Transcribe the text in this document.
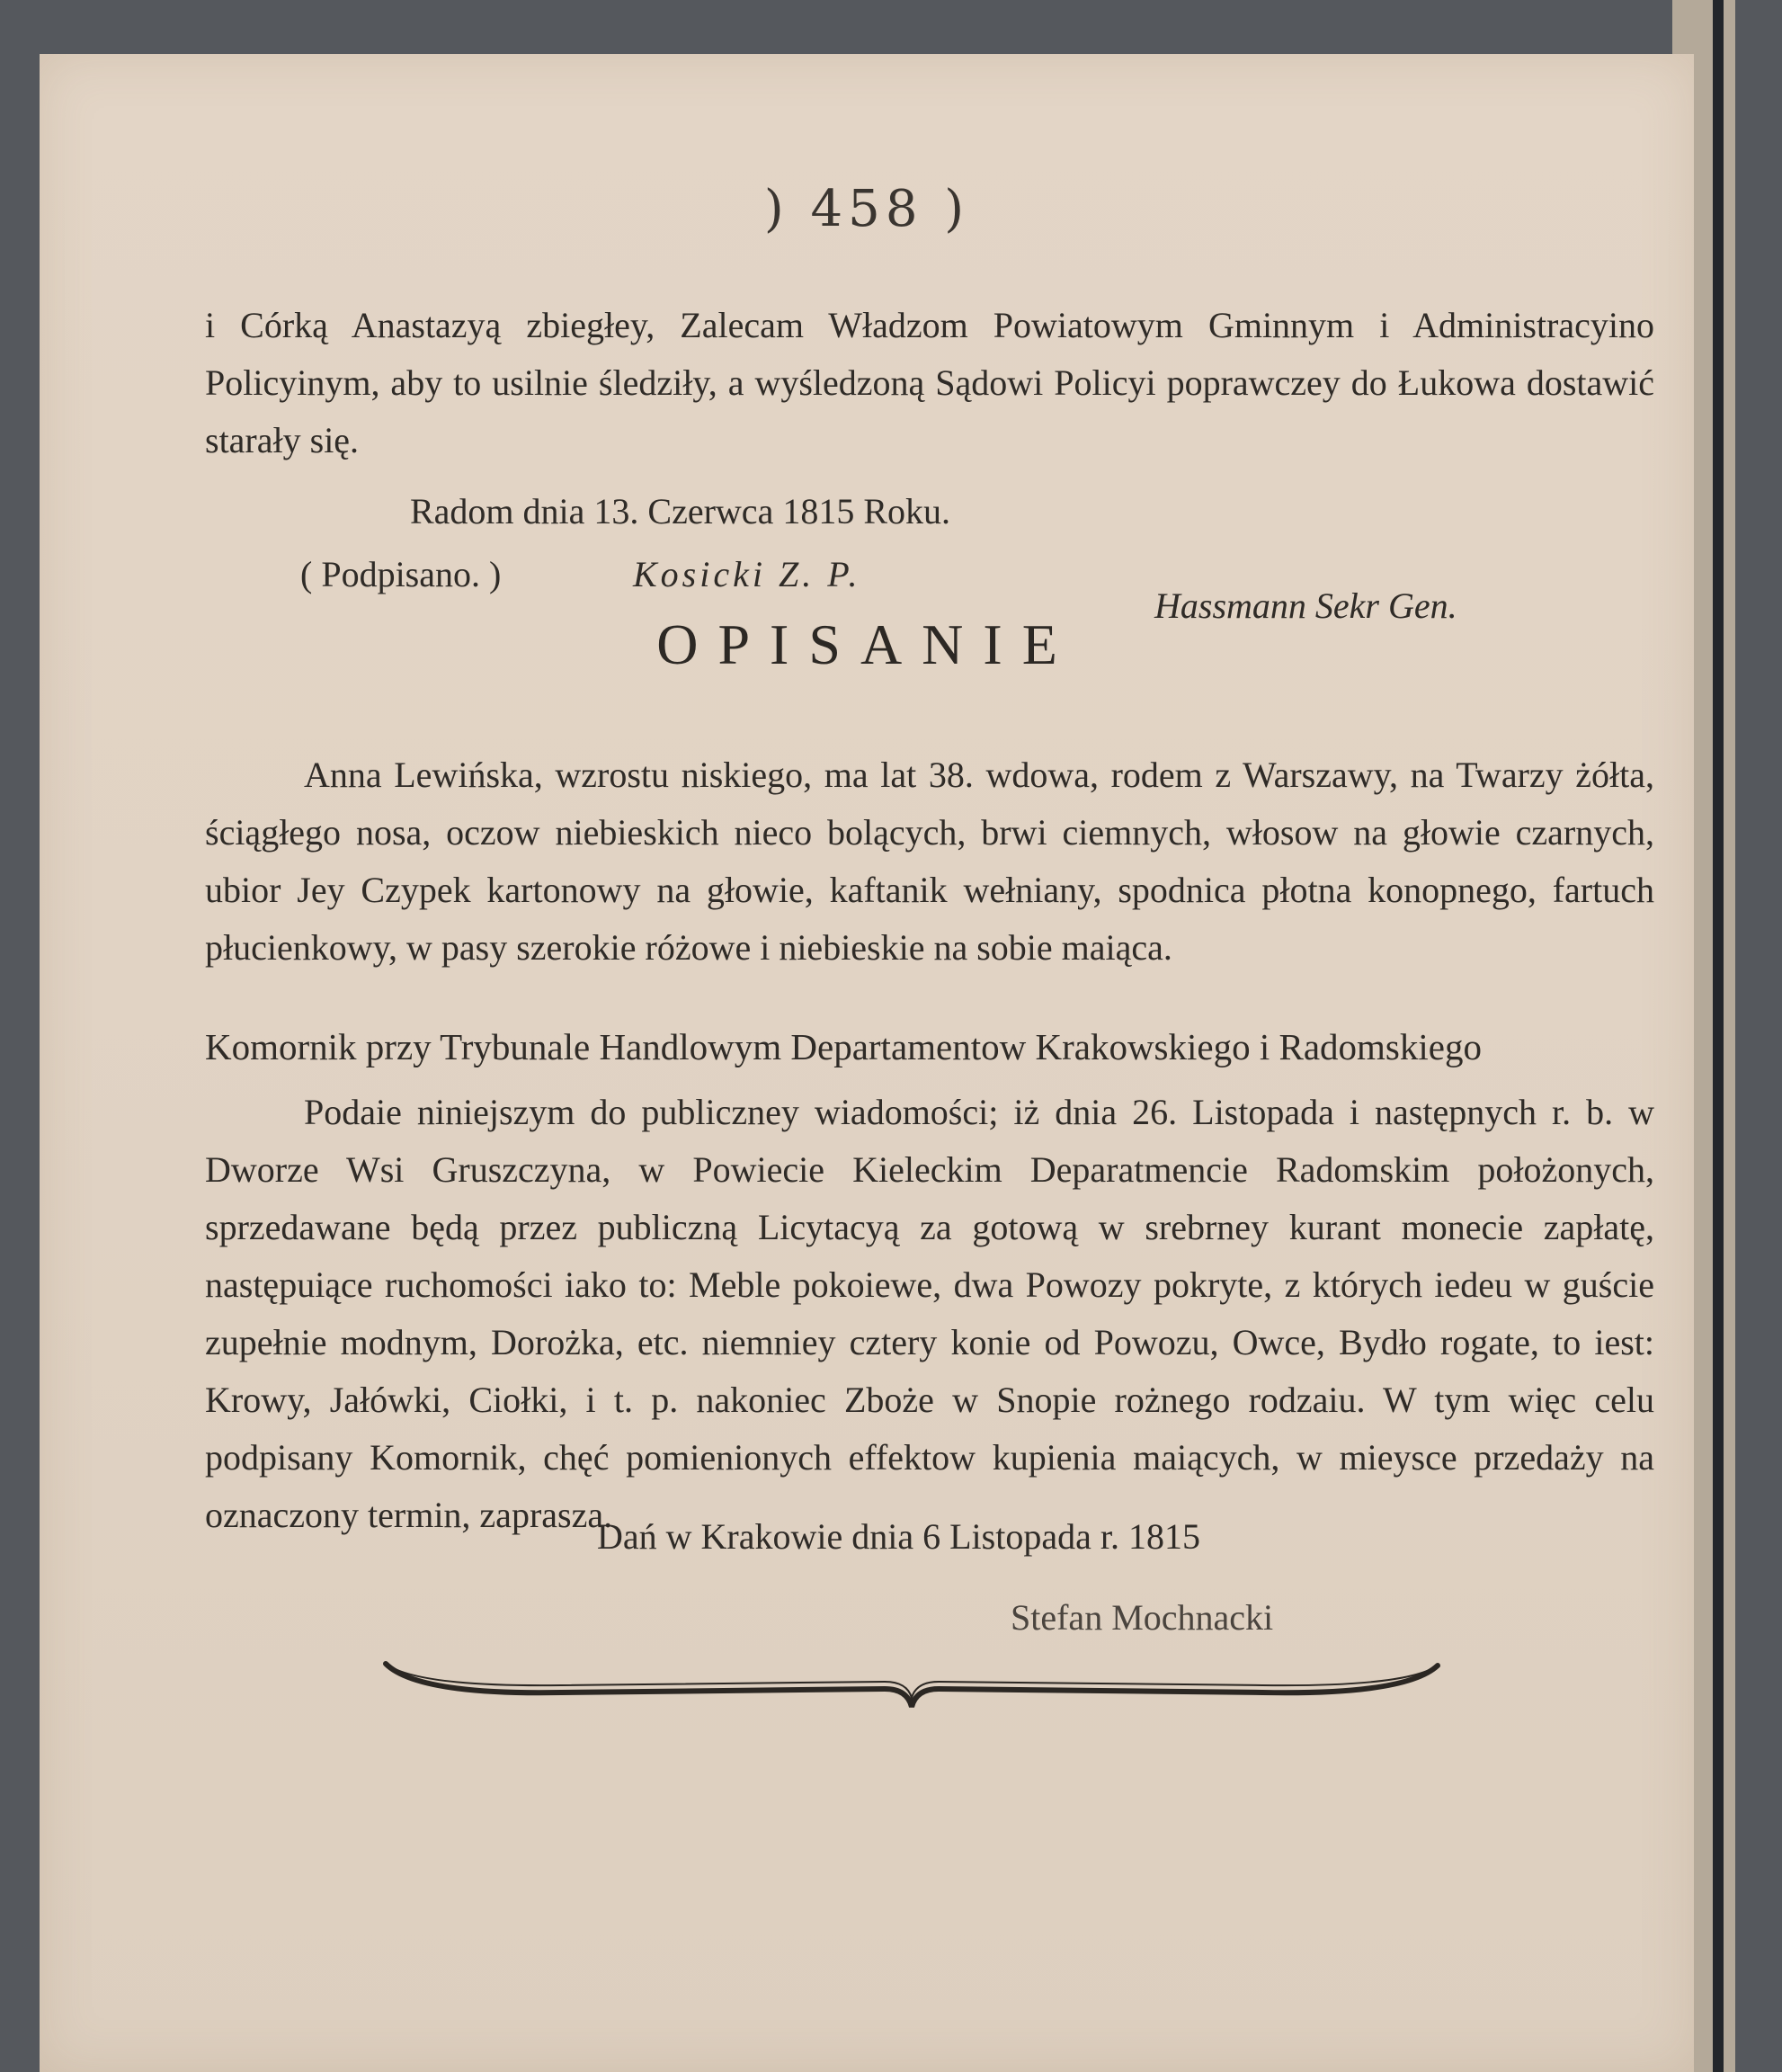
) 458 )
i Córką Anastazyą zbiegłey, Zalecam Władzom Powiatowym Gminnym i Administracyino Policyinym, aby to usilnie śledziły, a wyśledzoną Sądowi Policyi poprawczey do Łukowa dostawić starały się.
Radom dnia 13. Czerwca 1815 Roku.
( Podpisano. )	Kosicki Z. P.
Hassmann Sekr Gen.
OPISANIE
Anna Lewińska, wzrostu niskiego, ma lat 38. wdowa, rodem z Warszawy, na Twarzy żółta, ściągłego nosa, oczow niebieskich nieco bolących, brwi ciemnych, włosow na głowie czarnych, ubior Jey Czypek kartonowy na głowie, kaftanik wełniany, spodnica płotna konopnego, fartuch płucienkowy, w pasy szerokie różowe i niebieskie na sobie maiąca.
Komornik przy Trybunale Handlowym Departamentow Krakowskiego i Radomskiego
Podaie niniejszym do publiczney wiadomości; iż dnia 26. Listopada i następnych r. b. w Dworze Wsi Gruszczyna, w Powiecie Kieleckim Deparatmencie Radomskim położonych, sprzedawane będą przez publiczną Licytacyą za gotową w srebrney kurant monecie zapłatę, następuiące ruchomości iako to: Meble pokoiewe, dwa Powozy pokryte, z których iedeu w guście zupełnie modnym, Dorożka, etc. niemniey cztery konie od Powozu, Owce, Bydło rogate, to iest: Krowy, Jałówki, Ciołki, i t. p. nakoniec Zboże w Snopie rożnego rodzaiu. W tym więc celu podpisany Komornik, chęć pomienionych effektow kupienia maiących, w mieysce przedaży na oznaczony termin, zaprasza.
Dań w Krakowie dnia 6 Listopada r. 1815
Stefan Mochnacki
